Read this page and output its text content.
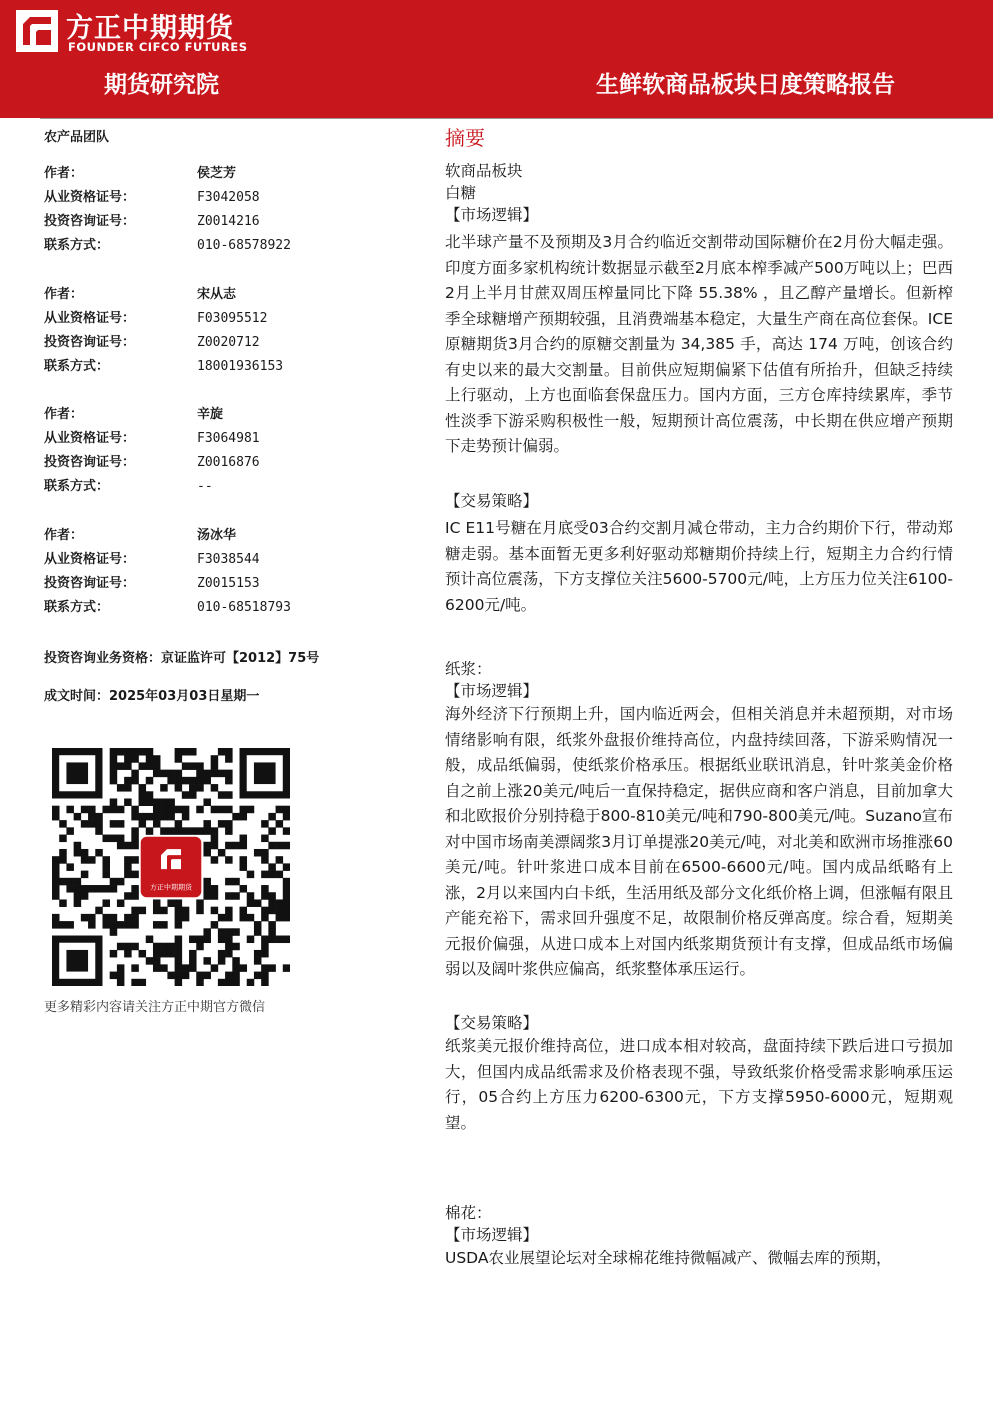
方正中期期货
FOUNDER CIFCO FUTURES
期货研究院	生鲜软商品板块日度策略报告
农产品团队
作者：	侯芝芳
从业资格证号：	F3042058
投资咨询证号：	Z0014216
联系方式：	010-68578922
作者：	宋从志
从业资格证号：	F03095512
投资咨询证号：	Z0020712
联系方式：	18001936153
作者：	辛旋
从业资格证号：	F3064981
投资咨询证号：	Z0016876
联系方式：	--
作者：	汤冰华
从业资格证号：	F3038544
投资咨询证号：	Z0015153
联系方式：	010-68518793
投资咨询业务资格：京证监许可【2012】75号
成文时间：2025年03月03日星期一
方正中期期货
更多精彩内容请关注方正中期官方微信
摘要
软商品板块
白糖
【市场逻辑】
北半球产量不及预期及3月合约临近交割带动国际糖价在2月份大幅走强。印度方面多家机构统计数据显示截至2月底本榨季减产500万吨以上；巴西2月上半月甘蔗双周压榨量同比下降 55.38% ，且乙醇产量增长。但新榨季全球糖增产预期较强，且消费端基本稳定，大量生产商在高位套保。ICE 原糖期货3月合约的原糖交割量为 34,385 手，高达 174 万吨，创该合约有史以来的最大交割量。目前供应短期偏紧下估值有所抬升，但缺乏持续上行驱动，上方也面临套保盘压力。国内方面，三方仓库持续累库，季节性淡季下游采购积极性一般，短期预计高位震荡，中长期在供应增产预期下走势预计偏弱。
【交易策略】
IC E11号糖在月底受03合约交割月减仓带动，主力合约期价下行，带动郑糖走弱。基本面暂无更多利好驱动郑糖期价持续上行，短期主力合约行情预计高位震荡，下方支撑位关注5600-5700元/吨，上方压力位关注6100-6200元/吨。
纸浆：
【市场逻辑】
海外经济下行预期上升，国内临近两会，但相关消息并未超预期，对市场情绪影响有限，纸浆外盘报价维持高位，内盘持续回落，下游采购情况一般，成品纸偏弱，使纸浆价格承压。根据纸业联讯消息，针叶浆美金价格自之前上涨20美元/吨后一直保持稳定，据供应商和客户消息，目前加拿大和北欧报价分别持稳于800-810美元/吨和790-800美元/吨。Suzano宣布对中国市场南美漂阔浆3月订单提涨20美元/吨，对北美和欧洲市场推涨60美元/吨。针叶浆进口成本目前在6500-6600元/吨。国内成品纸略有上涨，2月以来国内白卡纸，生活用纸及部分文化纸价格上调，但涨幅有限且产能充裕下，需求回升强度不足，故限制价格反弹高度。综合看，短期美元报价偏强，从进口成本上对国内纸浆期货预计有支撑，但成品纸市场偏弱以及阔叶浆供应偏高，纸浆整体承压运行。
【交易策略】
纸浆美元报价维持高位，进口成本相对较高，盘面持续下跌后进口亏损加大，但国内成品纸需求及价格表现不强，导致纸浆价格受需求影响承压运行，05合约上方压力6200-6300元，下方支撑5950-6000元，短期观望。
棉花：
【市场逻辑】
USDA农业展望论坛对全球棉花维持微幅减产、微幅去库的预期，
